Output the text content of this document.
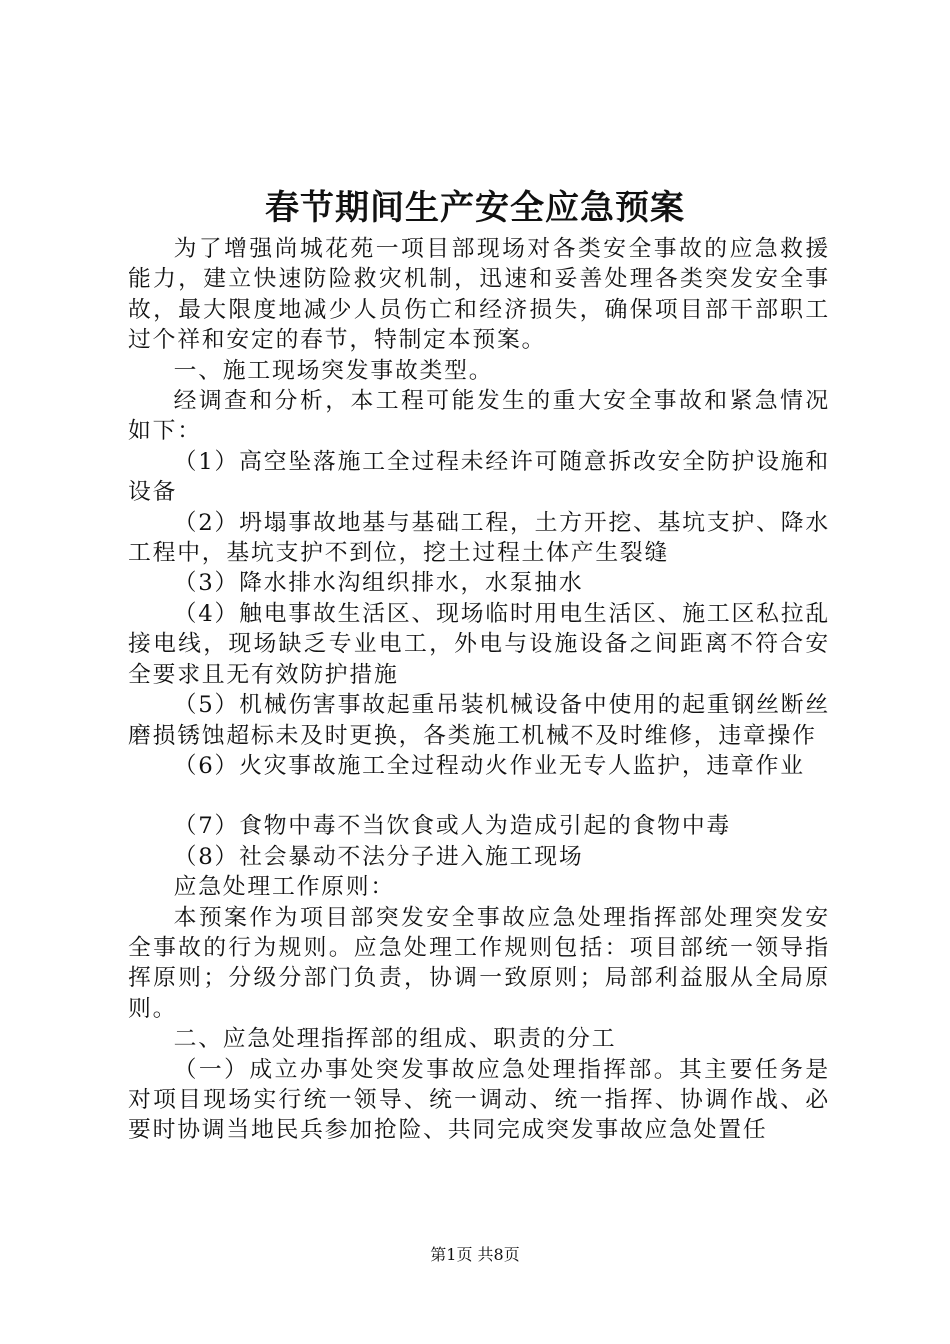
春节期间生产安全应急预案

为了增强尚城花苑一项目部现场对各类安全事故的应急救援能力，建立快速防险救灾机制，迅速和妥善处理各类突发安全事故，最大限度地减少人员伤亡和经济损失，确保项目部干部职工过个祥和安定的春节，特制定本预案。

一、施工现场突发事故类型。

经调查和分析，本工程可能发生的重大安全事故和紧急情况如下：

（1）高空坠落施工全过程未经许可随意拆改安全防护设施和设备

（2）坍塌事故地基与基础工程，土方开挖、基坑支护、降水工程中，基坑支护不到位，挖土过程土体产生裂缝

（3）降水排水沟组织排水，水泵抽水

（4）触电事故生活区、现场临时用电生活区、施工区私拉乱接电线，现场缺乏专业电工，外电与设施设备之间距离不符合安全要求且无有效防护措施

（5）机械伤害事故起重吊装机械设备中使用的起重钢丝断丝磨损锈蚀超标未及时更换，各类施工机械不及时维修，违章操作

（6）火灾事故施工全过程动火作业无专人监护，违章作业

（7）食物中毒不当饮食或人为造成引起的食物中毒

（8）社会暴动不法分子进入施工现场

应急处理工作原则：

本预案作为项目部突发安全事故应急处理指挥部处理突发安全事故的行为规则。应急处理工作规则包括：项目部统一领导指挥原则；分级分部门负责，协调一致原则；局部利益服从全局原则。

二、应急处理指挥部的组成、职责的分工

（一）成立办事处突发事故应急处理指挥部。其主要任务是对项目现场实行统一领导、统一调动、统一指挥、协调作战、必要时协调当地民兵参加抢险、共同完成突发事故应急处置任

第1页 共8页
